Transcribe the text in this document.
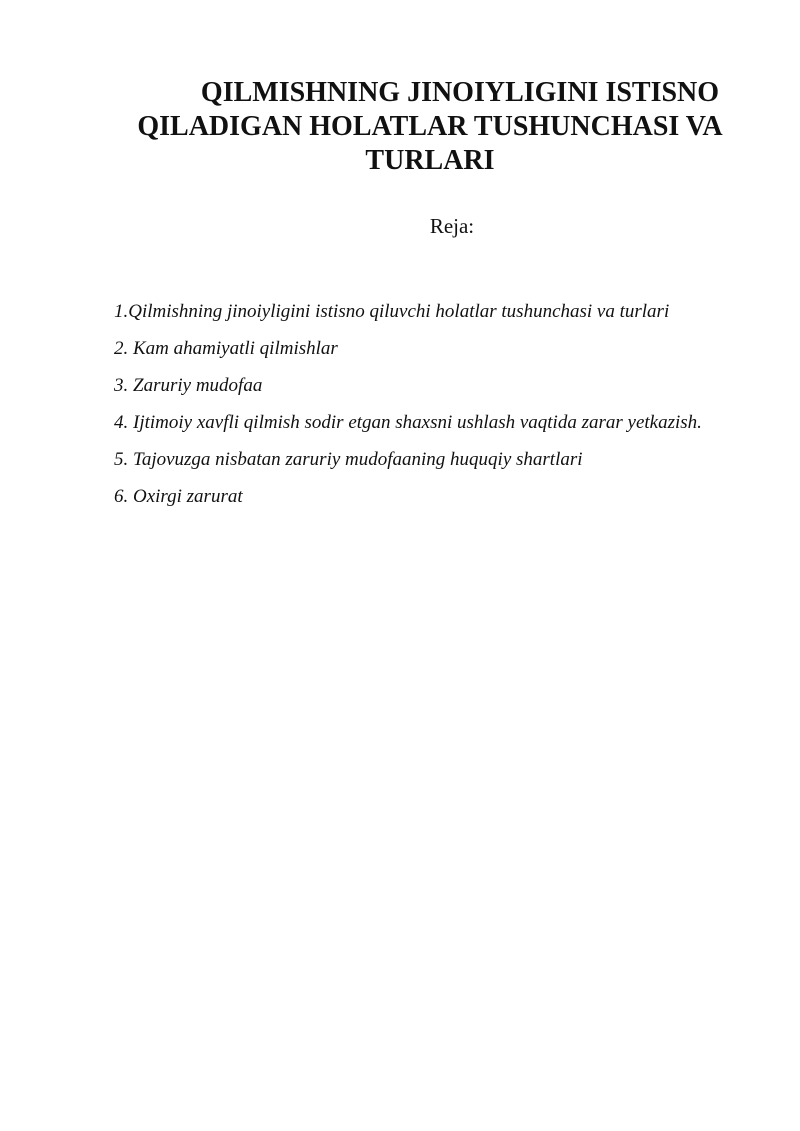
QILMISHNING JINOIYLIGINI ISTISNO
QILADIGAN HOLATLAR TUSHUNCHASI VA
TURLARI

Reja:

1.Qilmishning jinoiyligini istisno qiluvchi holatlar tushunchasi va turlari
2. Kam ahamiyatli qilmishlar
3. Zaruriy mudofaa
4. Ijtimoiy xavfli qilmish sodir etgan shaxsni ushlash vaqtida zarar yetkazish.
5. Tajovuzga nisbatan zaruriy mudofaaning huquqiy shartlari
6. Oxirgi zarurat
